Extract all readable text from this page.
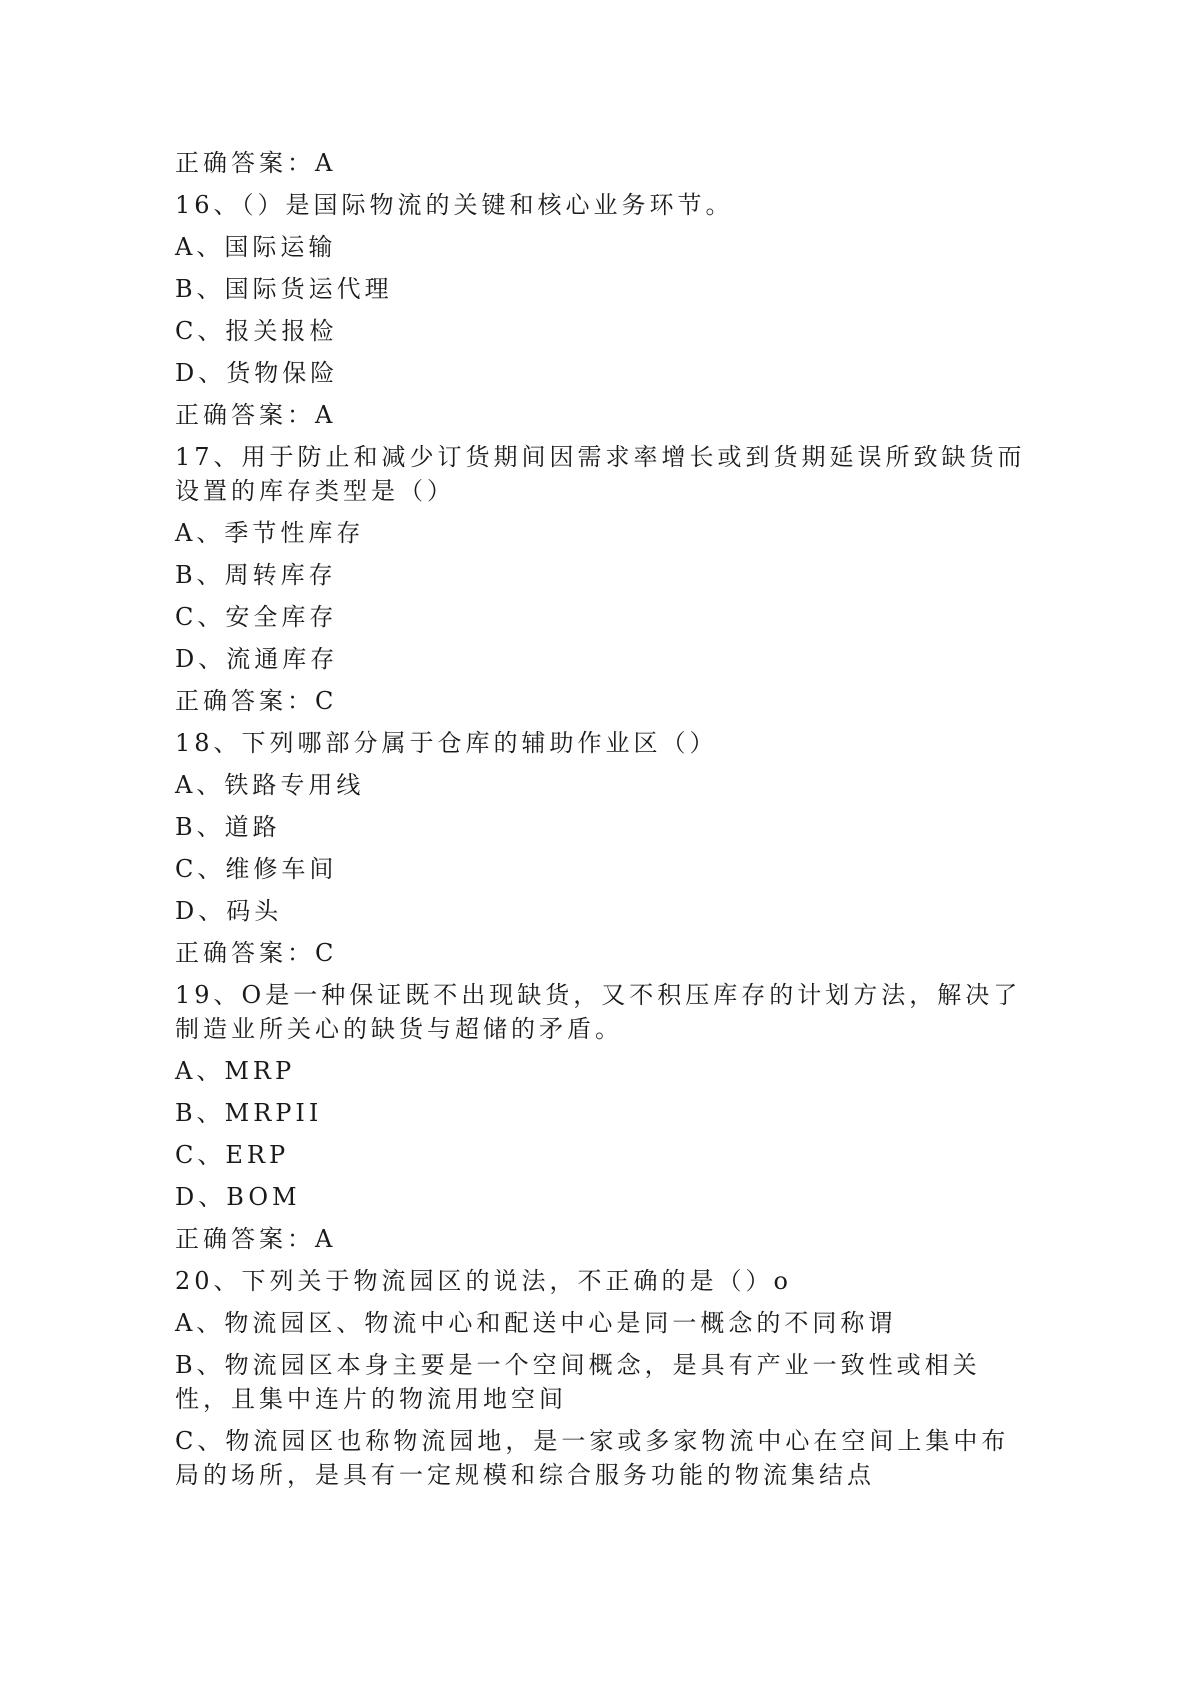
正确答案：A
16、（）是国际物流的关键和核心业务环节。
A、国际运输
B、国际货运代理
C、报关报检
D、货物保险
正确答案：A
17、用于防止和减少订货期间因需求率增长或到货期延误所致缺货而设置的库存类型是（）
A、季节性库存
B、周转库存
C、安全库存
D、流通库存
正确答案：C
18、下列哪部分属于仓库的辅助作业区（）
A、铁路专用线
B、道路
C、维修车间
D、码头
正确答案：C
19、O是一种保证既不出现缺货，又不积压库存的计划方法，解决了制造业所关心的缺货与超储的矛盾。
A、MRP
B、MRPII
C、ERP
D、BOM
正确答案：A
20、下列关于物流园区的说法，不正确的是（）o
A、物流园区、物流中心和配送中心是同一概念的不同称谓
B、物流园区本身主要是一个空间概念，是具有产业一致性或相关性，且集中连片的物流用地空间
C、物流园区也称物流园地，是一家或多家物流中心在空间上集中布局的场所，是具有一定规模和综合服务功能的物流集结点
